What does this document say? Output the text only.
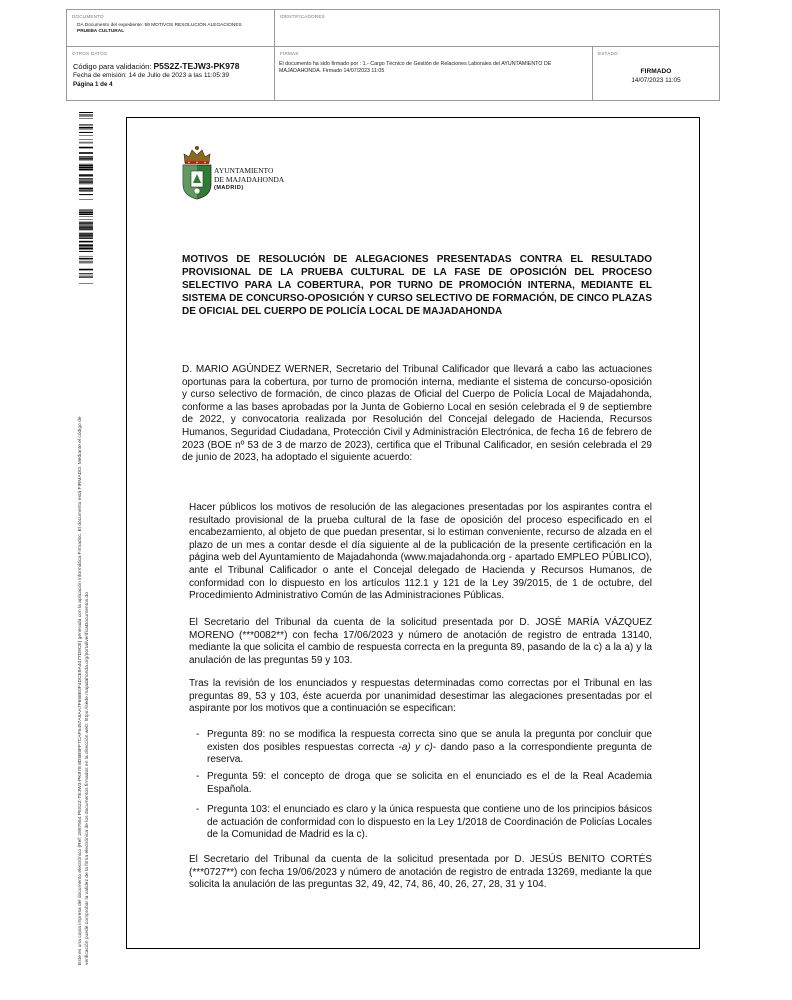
DOCUMENTO
DA Documento del expediente: 59 MOTIVOS RESOLUCIÓN ALEGACIONES
PRUEBA CULTURAL
IDENTIFICADORES
OTROS DATOS
Código para validación: P5S2Z-TEJW3-PK978
Fecha de emisión: 14 de Julio de 2023 a las 11:05:39
Página 1 de 4
FIRMAS
El documento ha sido firmado por : 1.- Cargo Técnico de Gestión de Relaciones Laborales del AYUNTAMIENTO DE MAJADAHONDA. Firmado 14/07/2023 11:05
ESTADO
FIRMADO
14/07/2023 11:05
Este es una copia impresa del documento electrónico (Ref: 2857554 P5S2Z-TEJW3-PK978 8D5B5FF7CAF5457A5AA7F658E0F4DCE9A4077D9CE) generada con la aplicación informática Firmadoc. El documento está FIRMADO. Mediante el código de verificación puede comprobar la validez de la firma electrónica de los documentos firmados en la dirección web: https://sede.majadahonda.org/portal/verificaDocumentos.do
AYUNTAMIENTO
DE MAJADAHONDA
(MADRID)
MOTIVOS DE RESOLUCIÓN DE ALEGACIONES PRESENTADAS CONTRA EL RESULTADO PROVISIONAL DE LA PRUEBA CULTURAL DE LA FASE DE OPOSICIÓN DEL PROCESO SELECTIVO PARA LA COBERTURA, POR TURNO DE PROMOCIÓN INTERNA, MEDIANTE EL SISTEMA DE CONCURSO-OPOSICIÓN Y CURSO SELECTIVO DE FORMACIÓN, DE CINCO PLAZAS DE OFICIAL DEL CUERPO DE POLICÍA LOCAL DE MAJADAHONDA

D. MARIO AGÚNDEZ WERNER, Secretario del Tribunal Calificador que llevará a cabo las actuaciones oportunas para la cobertura, por turno de promoción interna, mediante el sistema de concurso-oposición y curso selectivo de formación, de cinco plazas de Oficial del Cuerpo de Policía Local de Majadahonda, conforme a las bases aprobadas por la Junta de Gobierno Local en sesión celebrada el 9 de septiembre de 2022, y convocatoria realizada por Resolución del Concejal delegado de Hacienda, Recursos Humanos, Seguridad Ciudadana, Protección Civil y Administración Electrónica, de fecha 16 de febrero de 2023 (BOE nº 53 de 3 de marzo de 2023), certifica que el Tribunal Calificador, en sesión celebrada el 29 de junio de 2023, ha adoptado el siguiente acuerdo:

Hacer públicos los motivos de resolución de las alegaciones presentadas por los aspirantes contra el resultado provisional de la prueba cultural de la fase de oposición del proceso especificado en el encabezamiento, al objeto de que puedan presentar, si lo estiman conveniente, recurso de alzada en el plazo de un mes a contar desde el día siguiente al de la publicación de la presente certificación en la página web del Ayuntamiento de Majadahonda (www.majadahonda.org - apartado EMPLEO PÚBLICO), ante el Tribunal Calificador o ante el Concejal delegado de Hacienda y Recursos Humanos, de conformidad con lo dispuesto en los artículos 112.1 y 121 de la Ley 39/2015, de 1 de octubre, del Procedimiento Administrativo Común de las Administraciones Públicas.

El Secretario del Tribunal da cuenta de la solicitud presentada por D. JOSÉ MARÍA VÁZQUEZ MORENO (***0082**) con fecha 17/06/2023 y número de anotación de registro de entrada 13140, mediante la que solicita el cambio de respuesta correcta en la pregunta 89, pasando de la c) a la a) y la anulación de las preguntas 59 y 103.

Tras la revisión de los enunciados y respuestas determinadas como correctas por el Tribunal en las preguntas 89, 53 y 103, éste acuerda por unanimidad desestimar las alegaciones presentadas por el aspirante por los motivos que a continuación se especifican:

- Pregunta 89: no se modifica la respuesta correcta sino que se anula la pregunta por concluir que existen dos posibles respuestas correcta -a) y c)- dando paso a la correspondiente pregunta de reserva.
- Pregunta 59: el concepto de droga que se solicita en el enunciado es el de la Real Academia Española.
- Pregunta 103: el enunciado es claro y la única respuesta que contiene uno de los principios básicos de actuación de conformidad con lo dispuesto en la Ley 1/2018 de Coordinación de Policías Locales de la Comunidad de Madrid es la c).

El Secretario del Tribunal da cuenta de la solicitud presentada por D. JESÚS BENITO CORTÉS (***0727**) con fecha 19/06/2023 y número de anotación de registro de entrada 13269, mediante la que solicita la anulación de las preguntas 32, 49, 42, 74, 86, 40, 26, 27, 28, 31 y 104.
